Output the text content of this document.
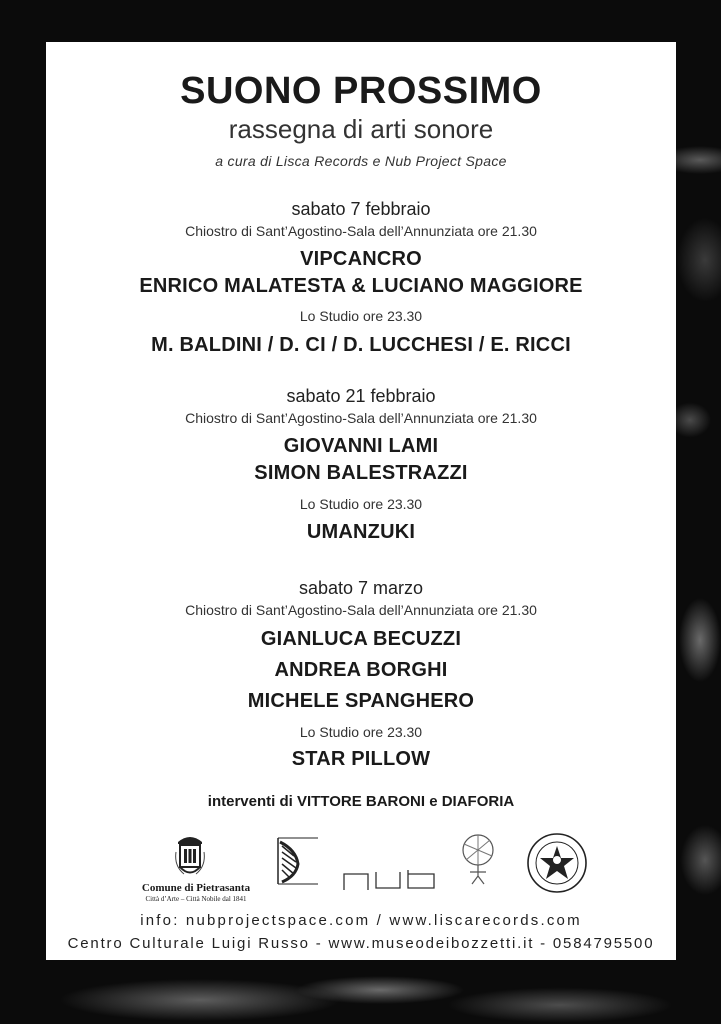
SUONO PROSSIMO
rassegna di arti sonore
a cura di Lisca Records e Nub Project Space
sabato 7 febbraio
Chiostro di Sant’Agostino-Sala dell’Annunziata ore 21.30
VIPCANCRO
ENRICO MALATESTA & LUCIANO MAGGIORE
Lo Studio ore 23.30
M. BALDINI / D. CI / D. LUCCHESI / E. RICCI
sabato 21 febbraio
Chiostro di Sant’Agostino-Sala dell’Annunziata ore 21.30
GIOVANNI LAMI
SIMON BALESTRAZZI
Lo Studio ore 23.30
UMANZUKI
sabato 7 marzo
Chiostro di Sant’Agostino-Sala dell’Annunziata ore 21.30
GIANLUCA BECUZZI
ANDREA BORGHI
MICHELE SPANGHERO
Lo Studio ore 23.30
STAR PILLOW
interventi di VITTORE BARONI e DIAFORIA
Comune di Pietrasanta
Città d’Arte – Città Nobile dal 1841
info: nubprojectspace.com / www.liscarecords.com
Centro Culturale Luigi Russo - www.museodeibozzetti.it - 0584795500
